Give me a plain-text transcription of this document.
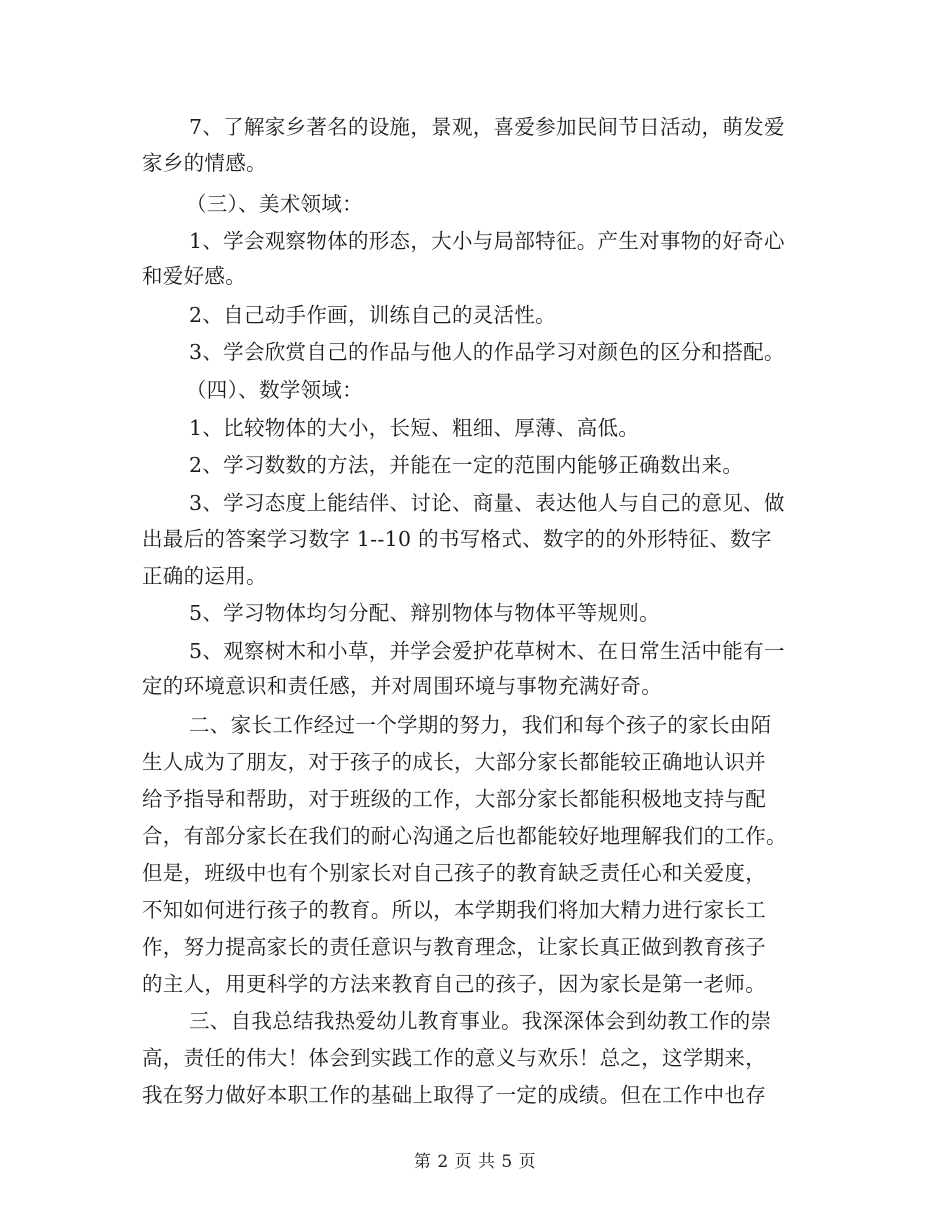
7、了解家乡著名的设施，景观，喜爱参加民间节日活动，萌发爱
家乡的情感。
（三）、美术领域：
1、学会观察物体的形态，大小与局部特征。产生对事物的好奇心
和爱好感。
2、自己动手作画，训练自己的灵活性。
3、学会欣赏自己的作品与他人的作品学习对颜色的区分和搭配。
（四）、数学领域：
1、比较物体的大小，长短、粗细、厚薄、高低。
2、学习数数的方法，并能在一定的范围内能够正确数出来。
3、学习态度上能结伴、讨论、商量、表达他人与自己的意见、做
出最后的答案学习数字 1--10 的书写格式、数字的的外形特征、数字
正确的运用。
5、学习物体均匀分配、辩别物体与物体平等规则。
5、观察树木和小草，并学会爱护花草树木、在日常生活中能有一
定的环境意识和责任感，并对周围环境与事物充满好奇。
二、家长工作经过一个学期的努力，我们和每个孩子的家长由陌
生人成为了朋友，对于孩子的成长，大部分家长都能较正确地认识并
给予指导和帮助，对于班级的工作，大部分家长都能积极地支持与配
合，有部分家长在我们的耐心沟通之后也都能较好地理解我们的工作。
但是，班级中也有个别家长对自己孩子的教育缺乏责任心和关爱度，
不知如何进行孩子的教育。所以，本学期我们将加大精力进行家长工
作，努力提高家长的责任意识与教育理念，让家长真正做到教育孩子
的主人，用更科学的方法来教育自己的孩子，因为家长是第一老师。
三、自我总结我热爱幼儿教育事业。我深深体会到幼教工作的崇
高，责任的伟大！体会到实践工作的意义与欢乐！总之，这学期来，
我在努力做好本职工作的基础上取得了一定的成绩。但在工作中也存
第 2 页 共 5 页
